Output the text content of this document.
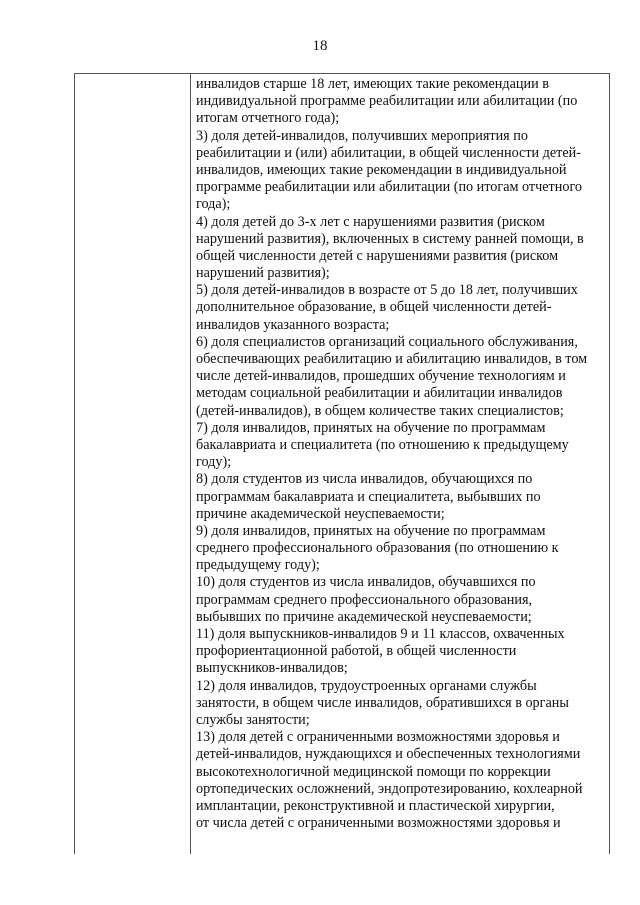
18
инвалидов старше 18 лет, имеющих такие рекомендации в
индивидуальной программе реабилитации или абилитации (по
итогам отчетного года);
3) доля детей-инвалидов, получивших мероприятия по
реабилитации и (или) абилитации, в общей численности детей-
инвалидов, имеющих такие рекомендации в индивидуальной
программе реабилитации или абилитации (по итогам отчетного
года);
4) доля детей до 3-х лет с нарушениями развития (риском
нарушений развития), включенных в систему ранней помощи, в
общей численности детей с нарушениями развития (риском
нарушений развития);
5) доля детей-инвалидов в возрасте от 5 до 18 лет, получивших
дополнительное образование, в общей численности детей-
инвалидов указанного возраста;
6) доля специалистов организаций социального обслуживания,
обеспечивающих реабилитацию и абилитацию инвалидов, в том
числе детей-инвалидов, прошедших обучение технологиям и
методам социальной реабилитации и абилитации инвалидов
(детей-инвалидов), в общем количестве таких специалистов;
7) доля инвалидов, принятых на обучение по программам
бакалавриата и специалитета (по отношению к предыдущему
году);
8) доля студентов из числа инвалидов, обучающихся по
программам бакалавриата и специалитета, выбывших по
причине академической неуспеваемости;
9) доля инвалидов, принятых на обучение по программам
среднего профессионального образования (по отношению к
предыдущему году);
10) доля студентов из числа инвалидов, обучавшихся по
программам среднего профессионального образования,
выбывших по причине академической неуспеваемости;
11) доля выпускников-инвалидов 9 и 11 классов, охваченных
профориентационной работой, в общей численности
выпускников-инвалидов;
12) доля инвалидов, трудоустроенных органами службы
занятости, в общем числе инвалидов, обратившихся в органы
службы занятости;
13) доля детей с ограниченными возможностями здоровья и
детей-инвалидов, нуждающихся и обеспеченных технологиями
высокотехнологичной медицинской помощи по коррекции
ортопедических осложнений, эндопротезированию, кохлеарной
имплантации, реконструктивной и пластической хирургии,
от числа детей с ограниченными возможностями здоровья и
